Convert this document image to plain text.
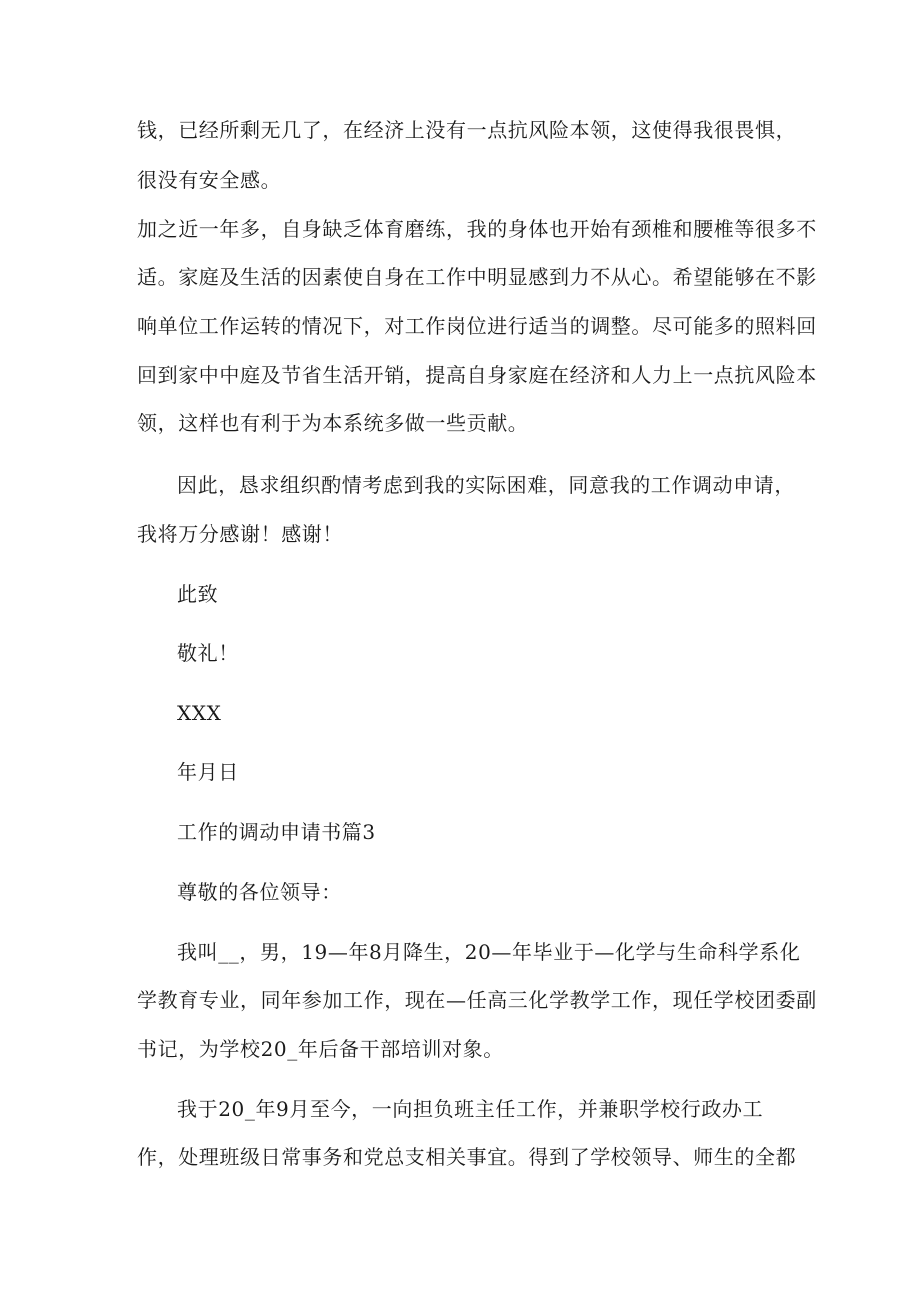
钱，已经所剩无几了，在经济上没有一点抗风险本领，这使得我很畏惧，
很没有安全感。
加之近一年多，自身缺乏体育磨练，我的身体也开始有颈椎和腰椎等很多不
适。家庭及生活的因素使自身在工作中明显感到力不从心。希望能够在不影
响单位工作运转的情况下，对工作岗位进行适当的调整。尽可能多的照料回
回到家中中庭及节省生活开销，提高自身家庭在经济和人力上一点抗风险本
领，这样也有利于为本系统多做一些贡献。
因此，恳求组织酌情考虑到我的实际困难，同意我的工作调动申请，
我将万分感谢！感谢！
此致
敬礼！
XXX
年月日
工作的调动申请书篇3
尊敬的各位领导：
我叫__，男，19—年8月降生，20—年毕业于—化学与生命科学系化
学教育专业，同年参加工作，现在—任高三化学教学工作，现任学校团委副
书记，为学校20_年后备干部培训对象。
我于20_年9月至今，一向担负班主任工作，并兼职学校行政办工
作，处理班级日常事务和党总支相关事宜。得到了学校领导、师生的全都
